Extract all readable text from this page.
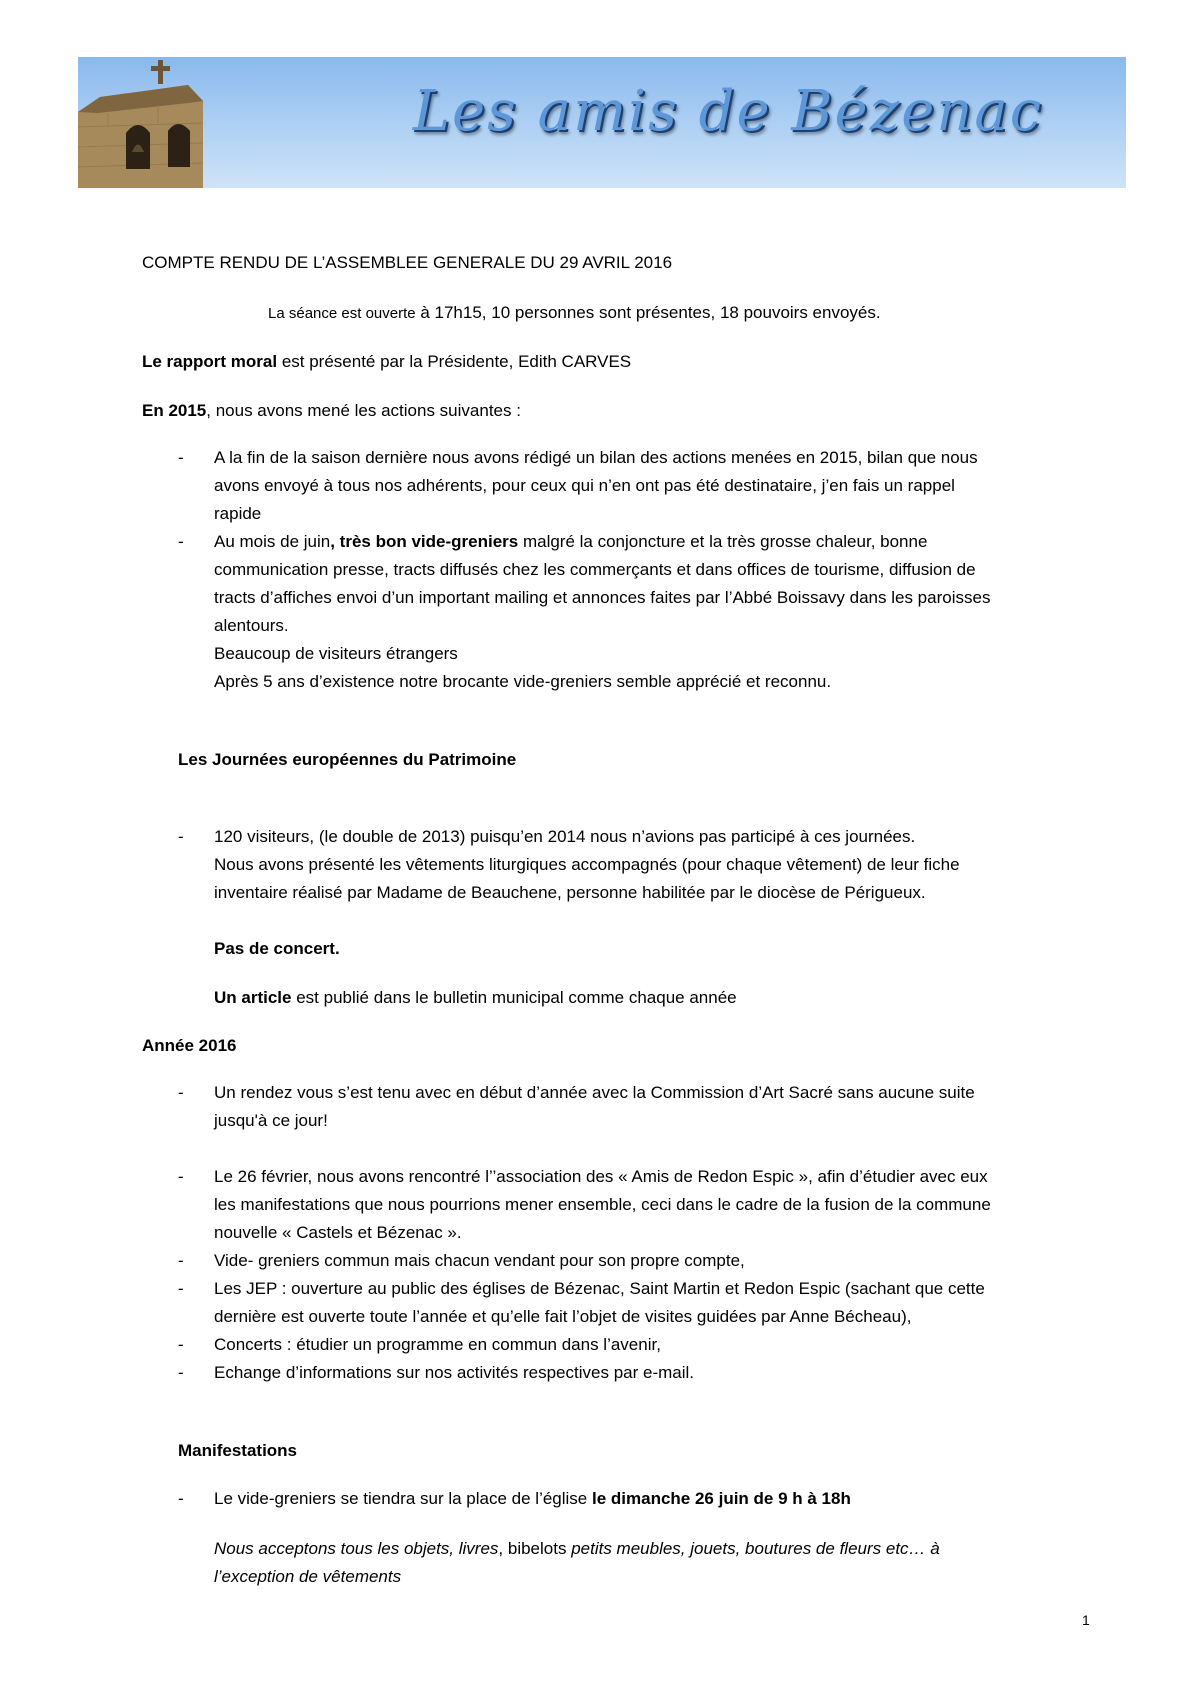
Les amis de Bézenac
COMPTE RENDU DE L’ASSEMBLEE GENERALE DU 29 AVRIL 2016
La séance est ouverte à 17h15, 10 personnes sont présentes, 18 pouvoirs envoyés.
Le rapport moral est présenté par la Présidente, Edith CARVES
En 2015, nous avons mené les actions suivantes :
- A la fin de la saison dernière nous avons rédigé un bilan des actions menées en 2015, bilan que nous
avons envoyé à tous nos adhérents, pour ceux qui n’en ont pas été destinataire, j’en fais un rappel
rapide
- Au mois de juin, très bon vide-greniers malgré la conjoncture et la très grosse chaleur, bonne
communication presse, tracts diffusés chez les commerçants et dans offices de tourisme, diffusion de
tracts d’affiches envoi d’un important mailing et annonces faites par l’Abbé Boissavy dans les paroisses
alentours.
Beaucoup de visiteurs étrangers
Après 5 ans d’existence notre brocante vide-greniers semble apprécié et reconnu.
Les Journées européennes du Patrimoine
- 120 visiteurs, (le double de 2013) puisqu’en 2014 nous n’avions pas participé à ces journées.
Nous avons présenté les vêtements liturgiques accompagnés (pour chaque vêtement) de leur fiche
inventaire réalisé par Madame de Beauchene, personne habilitée par le diocèse de Périgueux.
Pas de concert.
Un article est publié dans le bulletin municipal comme chaque année
Année 2016
- Un rendez vous s’est tenu avec en début d’année avec la Commission d’Art Sacré sans aucune suite
jusqu'à ce jour!
- Le 26 février, nous avons rencontré l’’association des « Amis de Redon Espic », afin d’étudier avec eux
les manifestations que nous pourrions mener ensemble, ceci dans le cadre de la fusion de la commune
nouvelle « Castels et Bézenac ».
- Vide- greniers commun mais chacun vendant pour son propre compte,
- Les JEP : ouverture au public des églises de Bézenac, Saint Martin et Redon Espic (sachant que cette
dernière est ouverte toute l’année et qu’elle fait l’objet de visites guidées par Anne Bécheau),
- Concerts : étudier un programme en commun dans l’avenir,
- Echange d’informations sur nos activités respectives par e-mail.
Manifestations
- Le vide-greniers se tiendra sur la place de l’église le dimanche 26 juin de 9 h à 18h
Nous acceptons tous les objets, livres, bibelots petits meubles, jouets, boutures de fleurs etc… à
l’exception de vêtements
1
